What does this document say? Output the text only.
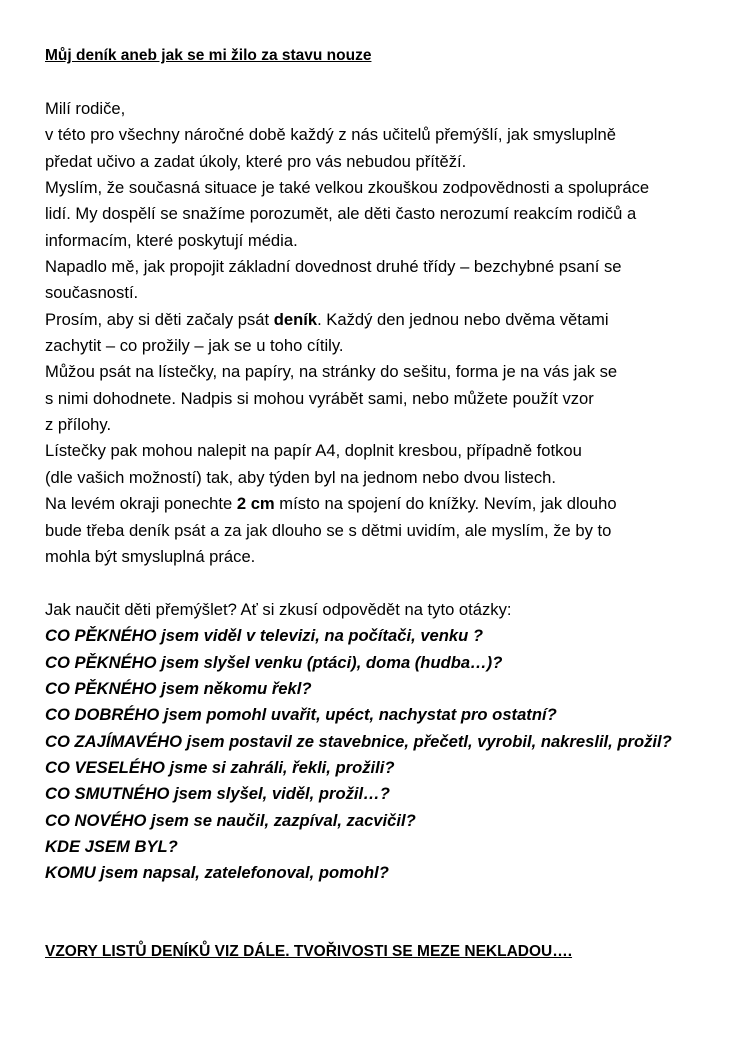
Můj deník aneb jak se mi žilo za stavu nouze
Milí rodiče,
v této pro všechny náročné době každý z nás učitelů přemýšlí, jak smysluplně
předat učivo a zadat úkoly, které pro vás nebudou přítěží.
Myslím, že současná situace je také velkou zkouškou zodpovědnosti a spolupráce
lidí. My dospělí se snažíme porozumět, ale děti často nerozumí reakcím rodičů a
informacím, které poskytují média.
Napadlo mě, jak propojit základní dovednost druhé třídy – bezchybné psaní se
současností.
Prosím, aby si děti začaly psát deník. Každý den jednou nebo dvěma větami
zachytit – co prožily – jak se u toho cítily.
Můžou psát na lístečky, na papíry, na stránky do sešitu, forma je na vás jak se
s nimi dohodnete. Nadpis si mohou vyrábět sami, nebo můžete použít vzor
z přílohy.
Lístečky pak mohou nalepit na papír A4, doplnit kresbou, případně fotkou
(dle vašich možností) tak, aby týden byl na jednom nebo dvou listech.
Na levém okraji ponechte 2 cm místo na spojení do knížky. Nevím, jak dlouho
bude třeba deník psát a za jak dlouho se s dětmi uvidím, ale myslím, že by to
mohla být smysluplná práce.
Jak naučit děti přemýšlet? Ať si zkusí odpovědět na tyto otázky:
CO PĚKNÉHO jsem viděl v televizi, na počítači, venku ?
CO PĚKNÉHO jsem slyšel venku (ptáci), doma (hudba…)?
CO PĚKNÉHO jsem někomu řekl?
CO DOBRÉHO jsem pomohl uvařit, upéct, nachystat pro ostatní?
CO ZAJÍMAVÉHO jsem postavil ze stavebnice, přečetl, vyrobil, nakreslil, prožil?
CO VESELÉHO jsme si zahráli, řekli, prožili?
CO SMUTNÉHO jsem slyšel, viděl, prožil…?
CO NOVÉHO jsem se naučil, zazpíval, zacvičil?
KDE JSEM BYL?
KOMU jsem napsal, zatelefonoval, pomohl?
VZORY LISTŮ DENÍKŮ VIZ DÁLE. TVOŘIVOSTI SE MEZE NEKLADOU….
